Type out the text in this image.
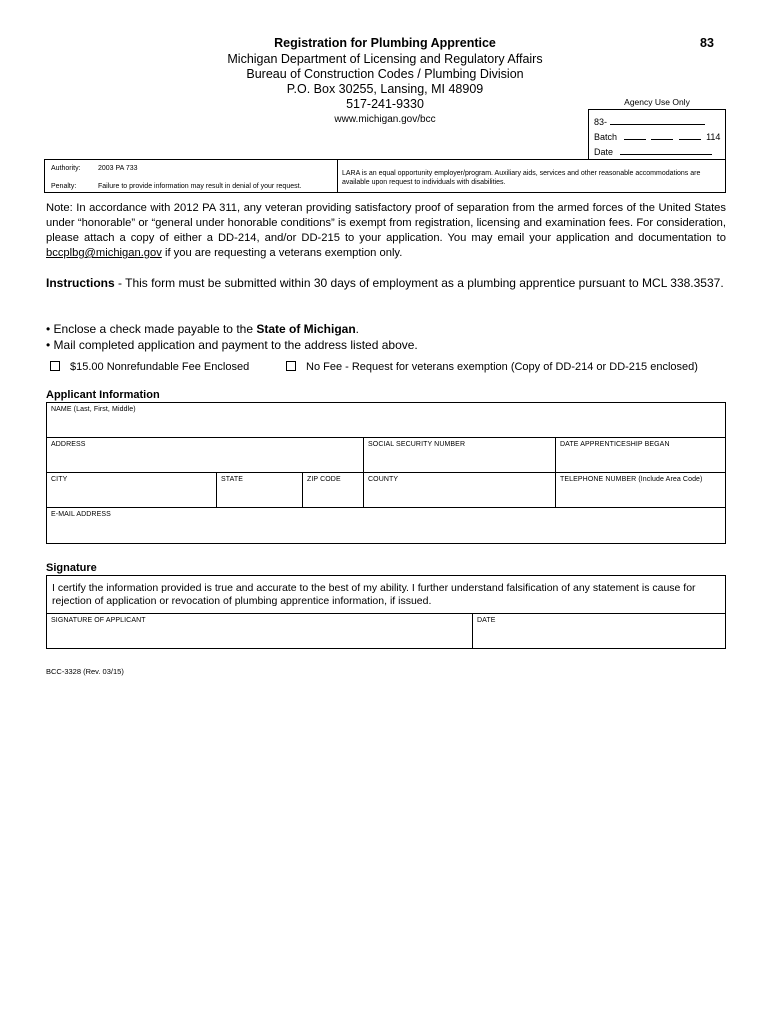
Registration for Plumbing Apprentice	83
Michigan Department of Licensing and Regulatory Affairs
Bureau of Construction Codes / Plumbing Division
P.O. Box 30255, Lansing, MI 48909
517-241-9330
www.michigan.gov/bcc
Agency Use Only
83-
Batch	114
Date
Authority: 2003 PA 733
Penalty:	Failure to provide information may result in denial of your request.
LARA is an equal opportunity employer/program. Auxiliary aids, services and other reasonable accommodations are available upon request to individuals with disabilities.
Note: In accordance with 2012 PA 311, any veteran providing satisfactory proof of separation from the armed forces of the United States under “honorable” or “general under honorable conditions” is exempt from registration, licensing and examination fees. For consideration, please attach a copy of either a DD-214, and/or DD-215 to your application. You may email your application and documentation to bccplbg@michigan.gov if you are requesting a veterans exemption only.
Instructions - This form must be submitted within 30 days of employment as a plumbing apprentice pursuant to MCL 338.3537.
• Enclose a check made payable to the State of Michigan.
• Mail completed application and payment to the address listed above.
$15.00 Nonrefundable Fee Enclosed	No Fee - Request for veterans exemption (Copy of DD-214 or DD-215 enclosed)
Applicant Information
NAME (Last, First, Middle)
ADDRESS	SOCIAL SECURITY NUMBER	DATE APPRENTICESHIP BEGAN
CITY	STATE	ZIP CODE	COUNTY	TELEPHONE NUMBER (Include Area Code)
E-MAIL ADDRESS
Signature
I certify the information provided is true and accurate to the best of my ability. I further understand falsification of any statement is cause for rejection of application or revocation of plumbing apprentice information, if issued.
SIGNATURE OF APPLICANT	DATE
BCC-3328 (Rev. 03/15)
